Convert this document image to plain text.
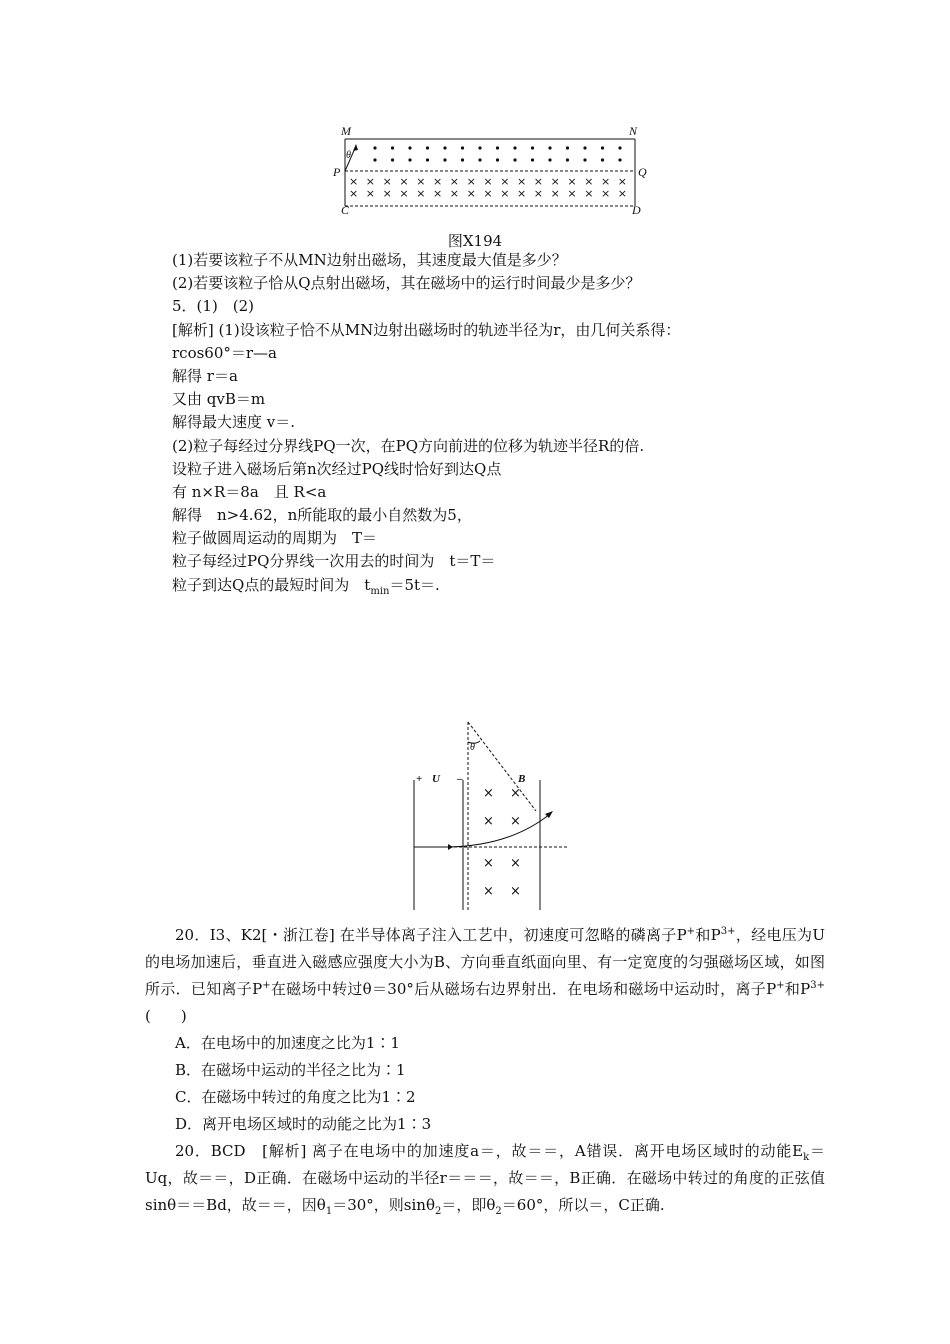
M	N
P	Q
C	D
θ
× × × × × × × × × × × × × × × × ×
× × × × × × × × × × × × × × × × ×
图X194
(1)若要该粒子不从MN边射出磁场，其速度最大值是多少？
(2)若要该粒子恰从Q点射出磁场，其在磁场中的运行时间最少是多少？
5．(1)　(2)
[解析] (1)设该粒子恰不从MN边射出磁场时的轨迹半径为r，由几何关系得：
rcos60°＝r—a
解得 r＝a
又由 qvB＝m
解得最大速度 v＝.
(2)粒子每经过分界线PQ一次，在PQ方向前进的位移为轨迹半径R的倍.
设粒子进入磁场后第n次经过PQ线时恰好到达Q点
有 n×R＝8a　且 R<a
解得　n>4.62，n所能取的最小自然数为5，
粒子做圆周运动的周期为　T＝
粒子每经过PQ分界线一次用去的时间为　t＝T＝
粒子到达Q点的最短时间为　$t_{min}=5t=$.
+ U –	B
θ
× ×
× ×
× ×
× ×

20．I3、K2[・浙江卷] 在半导体离子注入工艺中，初速度可忽略的磷离子P+和$P^{3+}$，经电压为U的电场加速后，垂直进入磁感应强度大小为B、方向垂直纸面向里、有一定宽度的匀强磁场区域，如图所示．已知离子P+在磁场中转过θ＝30°后从磁场右边界射出．在电场和磁场中运动时，离子P+和$P^{3+}$(　　)

A．在电场中的加速度之比为1∶1
B．在磁场中运动的半径之比为∶1
C．在磁场中转过的角度之比为1∶2
D．离开电场区域时的动能之比为1∶3

20．BCD　[解析] 离子在电场中的加速度a＝，故＝＝，A错误．离开电场区域时的动能$E_k=Uq$，故＝＝，D正确．在磁场中运动的半径r＝＝＝，故＝＝，B正确．在磁场中转过的角度的正弦值sinθ＝＝Bd，故＝＝，因$\theta_1=30^\circ$，则sinθ$_2$＝，即$\theta_2=60^\circ$，所以＝，C正确.
